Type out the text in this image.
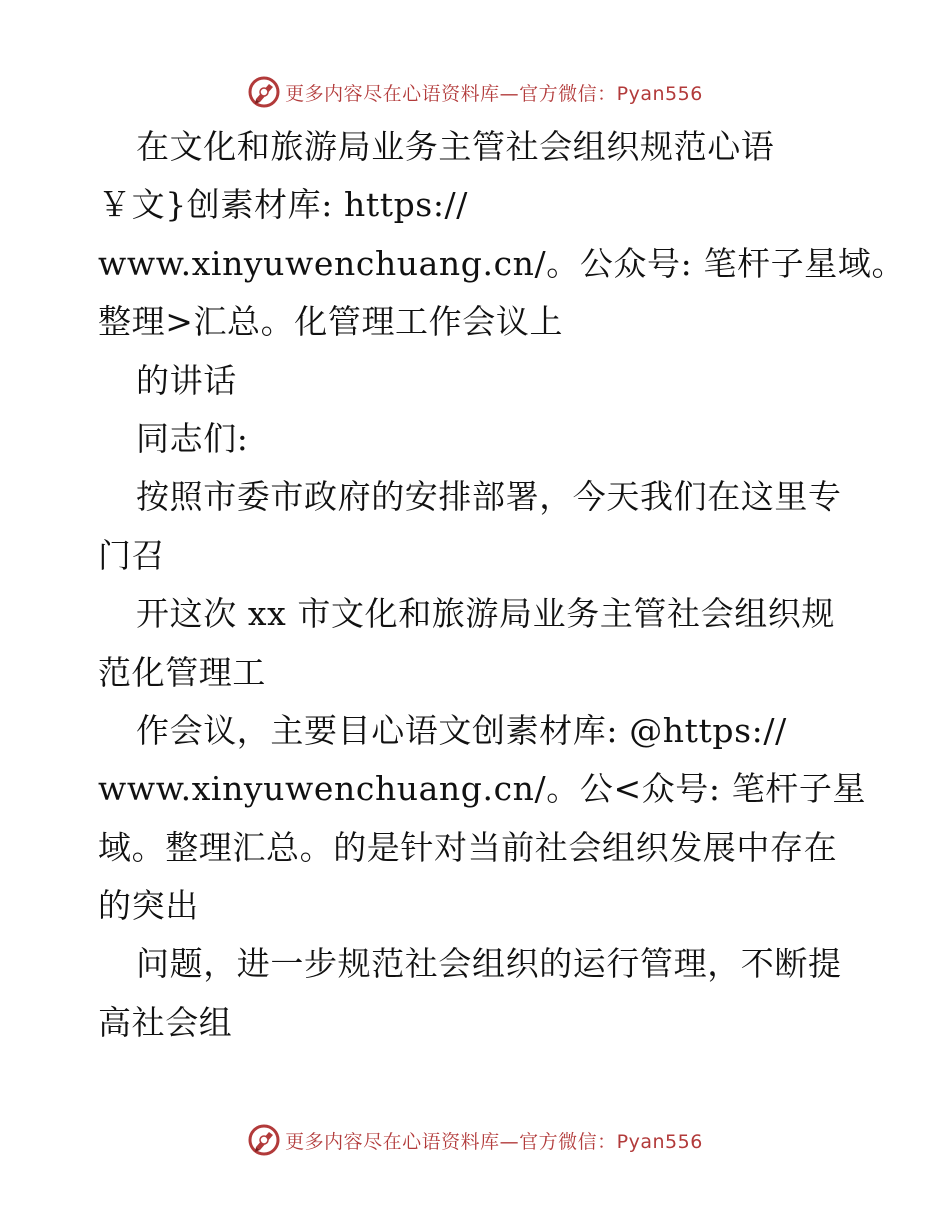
更多内容尽在心语资料库—官方微信：Pyan556
在文化和旅游局业务主管社会组织规范心语
￥文}创素材库: https://
www.xinyuwenchuang.cn/。公众号: 笔杆子星域。
整理>汇总。化管理工作会议上
的讲话
同志们:
按照市委市政府的安排部署，今天我们在这里专
门召
开这次 xx 市文化和旅游局业务主管社会组织规
范化管理工
作会议，主要目心语文创素材库: @https://
www.xinyuwenchuang.cn/。公<众号: 笔杆子星
域。整理汇总。的是针对当前社会组织发展中存在
的突出
问题，进一步规范社会组织的运行管理，不断提
高社会组
更多内容尽在心语资料库—官方微信：Pyan556
